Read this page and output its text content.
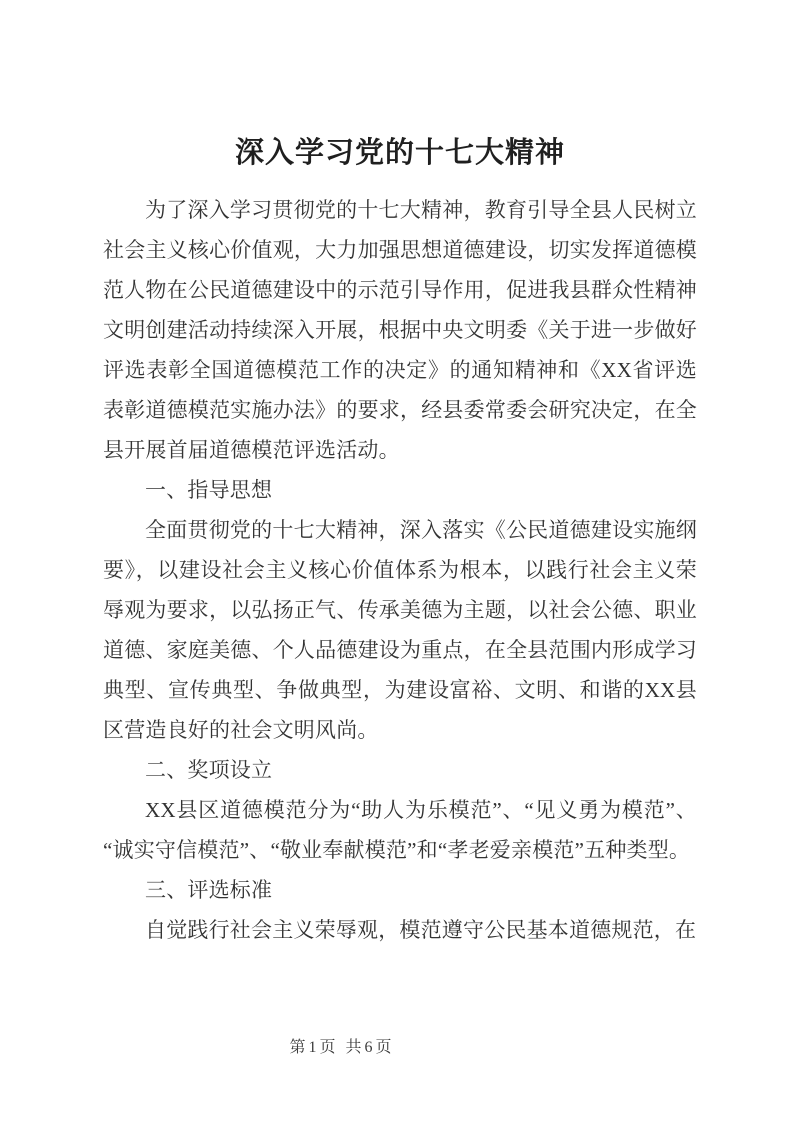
深入学习党的十七大精神

为了深入学习贯彻党的十七大精神，教育引导全县人民树立社会主义核心价值观，大力加强思想道德建设，切实发挥道德模范人物在公民道德建设中的示范引导作用，促进我县群众性精神文明创建活动持续深入开展，根据中央文明委《关于进一步做好评选表彰全国道德模范工作的决定》的通知精神和《XX省评选表彰道德模范实施办法》的要求，经县委常委会研究决定，在全县开展首届道德模范评选活动。

一、指导思想

全面贯彻党的十七大精神，深入落实《公民道德建设实施纲要》，以建设社会主义核心价值体系为根本，以践行社会主义荣辱观为要求，以弘扬正气、传承美德为主题，以社会公德、职业道德、家庭美德、个人品德建设为重点，在全县范围内形成学习典型、宣传典型、争做典型，为建设富裕、文明、和谐的XX县区营造良好的社会文明风尚。

二、奖项设立

XX县区道德模范分为“助人为乐模范”、“见义勇为模范”、“诚实守信模范”、“敬业奉献模范”和“孝老爱亲模范”五种类型。

三、评选标准

自觉践行社会主义荣辱观，模范遵守公民基本道德规范，在

第1页 共6页
